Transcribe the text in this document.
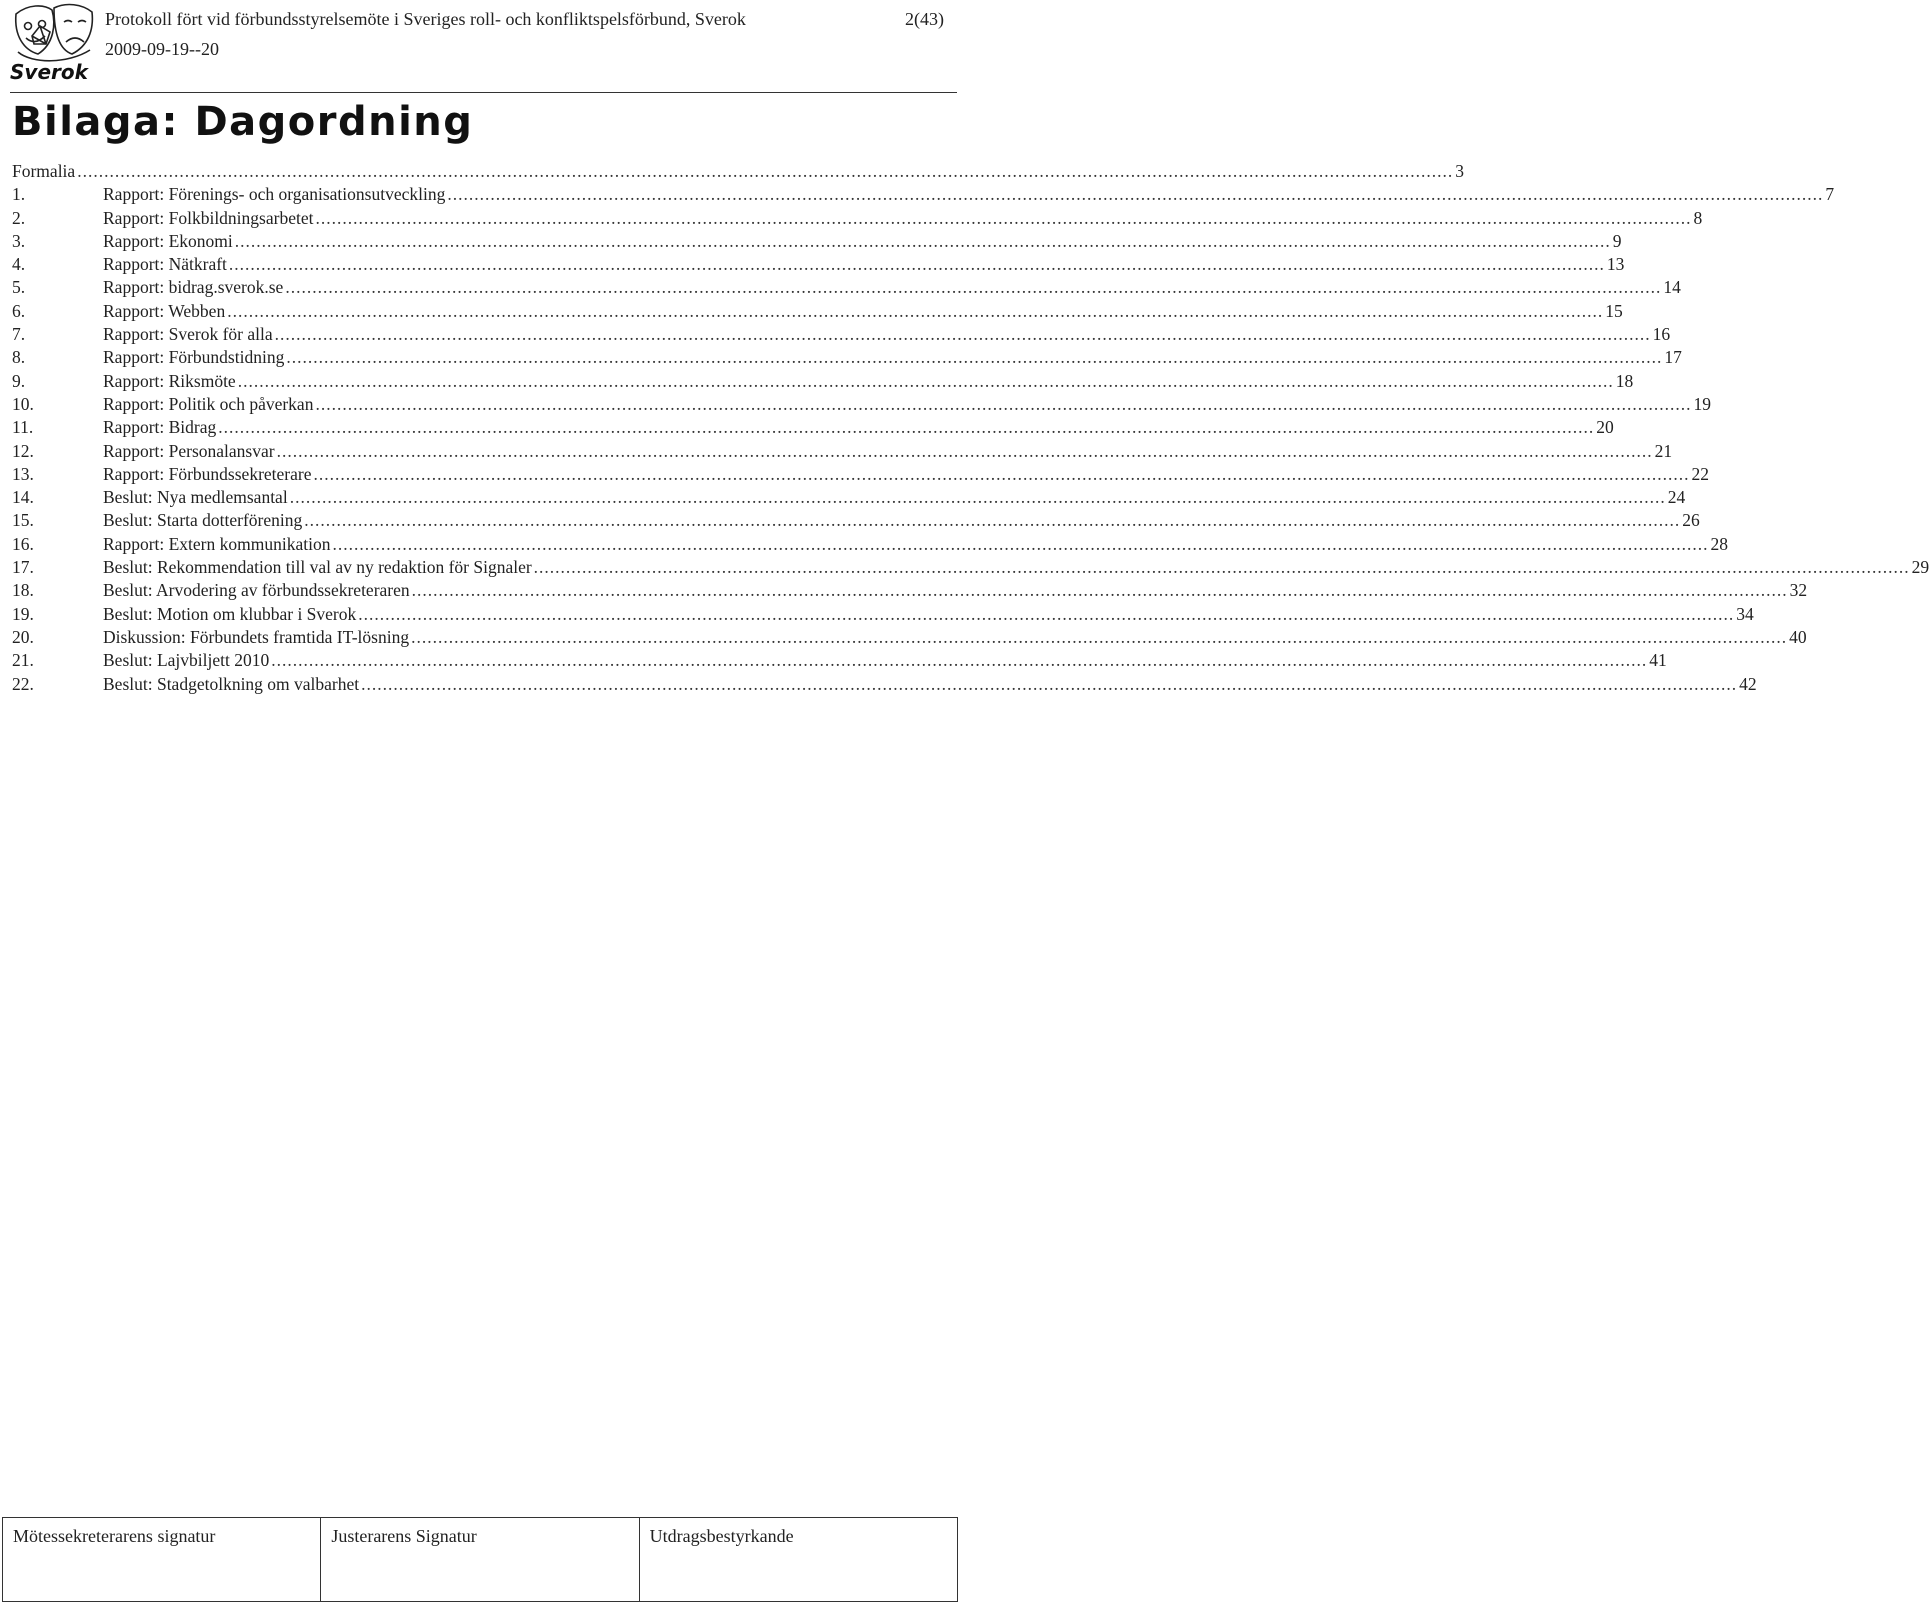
Sverok
Protokoll fört vid förbundsstyrelsemöte i Sveriges roll- och konfliktspelsförbund, Sverok
2009-09-19--20
2(43)
Bilaga: Dagordning
Formalia ................................................................................................................................................................................................................................................................ 3
1.	Rapport: Förenings- och organisationsutveckling ................................................................................................................................................................................................................................................................ 7
2.	Rapport: Folkbildningsarbetet ................................................................................................................................................................................................................................................................ 8
3.	Rapport: Ekonomi ................................................................................................................................................................................................................................................................ 9
4.	Rapport: Nätkraft ................................................................................................................................................................................................................................................................ 13
5.	Rapport: bidrag.sverok.se ................................................................................................................................................................................................................................................................ 14
6.	Rapport: Webben ................................................................................................................................................................................................................................................................ 15
7.	Rapport: Sverok för alla ................................................................................................................................................................................................................................................................ 16
8.	Rapport: Förbundstidning ................................................................................................................................................................................................................................................................ 17
9.	Rapport: Riksmöte ................................................................................................................................................................................................................................................................ 18
10.	Rapport: Politik och påverkan ................................................................................................................................................................................................................................................................ 19
11.	Rapport: Bidrag ................................................................................................................................................................................................................................................................ 20
12.	Rapport: Personalansvar ................................................................................................................................................................................................................................................................ 21
13.	Rapport: Förbundssekreterare ................................................................................................................................................................................................................................................................ 22
14.	Beslut: Nya medlemsantal ................................................................................................................................................................................................................................................................ 24
15.	Beslut: Starta dotterförening ................................................................................................................................................................................................................................................................ 26
16.	Rapport: Extern kommunikation ................................................................................................................................................................................................................................................................ 28
17.	Beslut: Rekommendation till val av ny redaktion för Signaler ................................................................................................................................................................................................................................................................ 29
18.	Beslut: Arvodering av förbundssekreteraren ................................................................................................................................................................................................................................................................ 32
19.	Beslut: Motion om klubbar i Sverok ................................................................................................................................................................................................................................................................ 34
20.	Diskussion: Förbundets framtida IT-lösning ................................................................................................................................................................................................................................................................ 40
21.	Beslut: Lajvbiljett 2010 ................................................................................................................................................................................................................................................................ 41
22.	Beslut: Stadgetolkning om valbarhet ................................................................................................................................................................................................................................................................ 42
Mötessekreterarens signatur	Justerarens Signatur	Utdragsbestyrkande
